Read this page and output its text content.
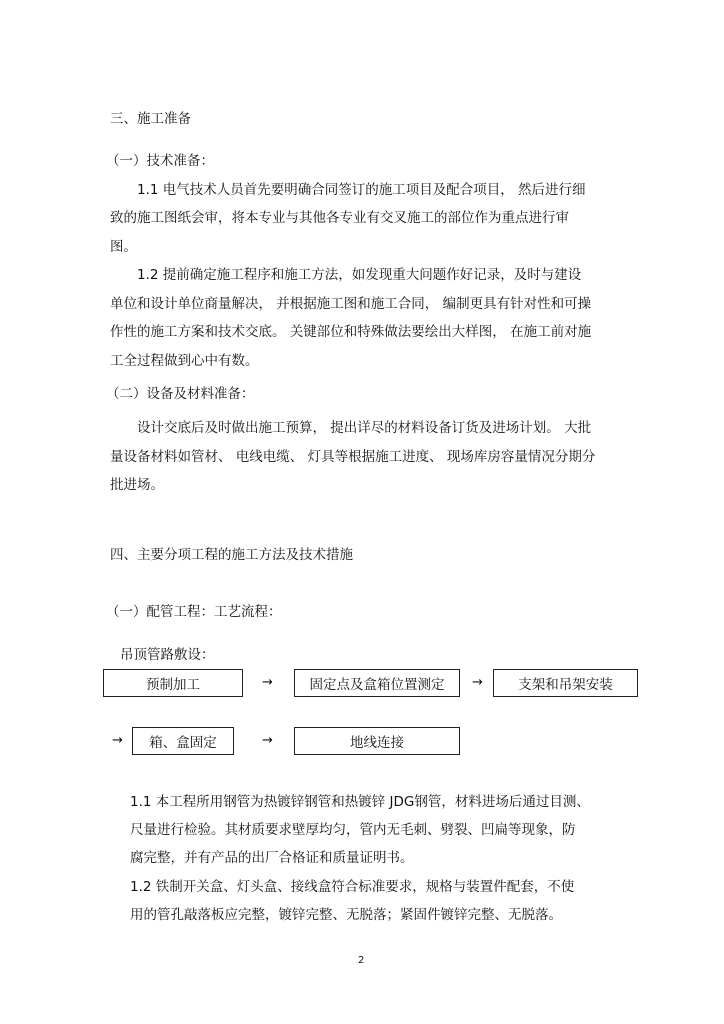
三、施工准备
（一）技术准备：
1.1 电气技术人员首先要明确合同签订的施工项目及配合项目， 然后进行细
致的施工图纸会审，将本专业与其他各专业有交叉施工的部位作为重点进行审
图。
1.2 提前确定施工程序和施工方法，如发现重大问题作好记录，及时与建设
单位和设计单位商量解决， 并根据施工图和施工合同， 编制更具有针对性和可操
作性的施工方案和技术交底。 关键部位和特殊做法要绘出大样图， 在施工前对施
工全过程做到心中有数。
（二）设备及材料准备：
设计交底后及时做出施工预算， 提出详尽的材料设备订货及进场计划。 大批
量设备材料如管材、 电线电缆、 灯具等根据施工进度、 现场库房容量情况分期分
批进场。
四、主要分项工程的施工方法及技术措施
（一）配管工程：工艺流程：
吊顶管路敷设：
预制加工	→	固定点及盒箱位置测定	→	支架和吊架安装
→	箱、盒固定	→	地线连接
1.1 本工程所用钢管为热镀锌钢管和热镀锌 JDG钢管，材料进场后通过目测、
尺量进行检验。其材质要求壁厚均匀，管内无毛刺、劈裂、凹扁等现象，防
腐完整，并有产品的出厂合格证和质量证明书。
1.2 铁制开关盒、灯头盒、接线盒符合标准要求，规格与装置件配套，不使
用的管孔敲落板应完整，镀锌完整、无脱落；紧固件镀锌完整、无脱落。
2
